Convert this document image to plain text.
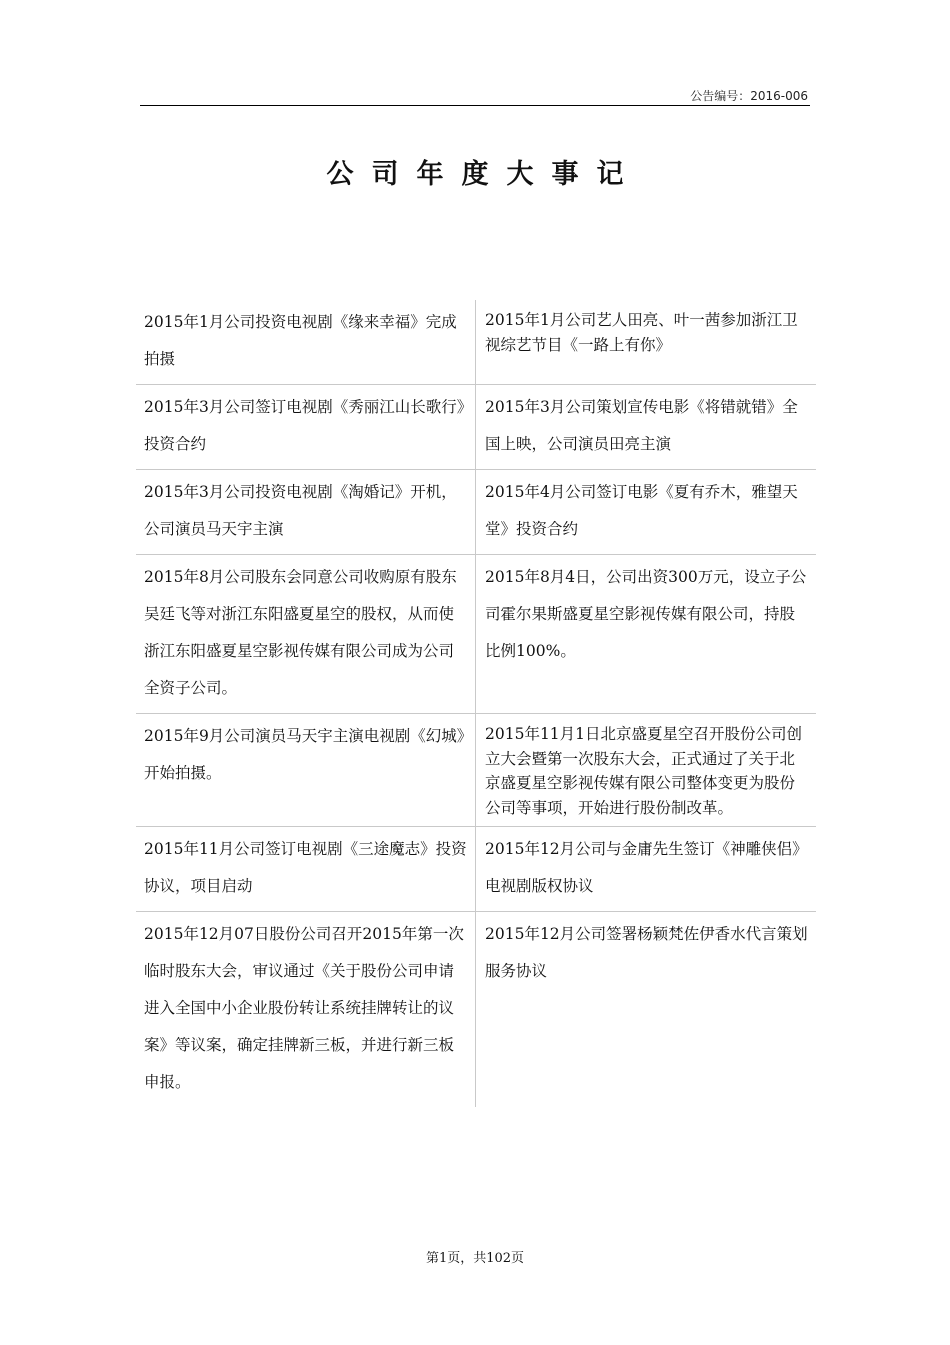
公告编号：2016-006
公司年度大事记
2015年1月公司投资电视剧《缘来幸福》完成拍摄
2015年1月公司艺人田亮、叶一茜参加浙江卫视综艺节目《一路上有你》
2015年3月公司签订电视剧《秀丽江山长歌行》投资合约
2015年3月公司策划宣传电影《将错就错》全国上映，公司演员田亮主演
2015年3月公司投资电视剧《淘婚记》开机，公司演员马天宇主演
2015年4月公司签订电影《夏有乔木，雅望天堂》投资合约
2015年8月公司股东会同意公司收购原有股东吴廷飞等对浙江东阳盛夏星空的股权，从而使浙江东阳盛夏星空影视传媒有限公司成为公司全资子公司。
2015年8月4日，公司出资300万元，设立子公司霍尔果斯盛夏星空影视传媒有限公司，持股比例100%。
2015年9月公司演员马天宇主演电视剧《幻城》开始拍摄。
2015年11月1日北京盛夏星空召开股份公司创立大会暨第一次股东大会，正式通过了关于北京盛夏星空影视传媒有限公司整体变更为股份公司等事项，开始进行股份制改革。
2015年11月公司签订电视剧《三途魔志》投资协议，项目启动
2015年12月公司与金庸先生签订《神雕侠侣》电视剧版权协议
2015年12月07日股份公司召开2015年第一次临时股东大会，审议通过《关于股份公司申请进入全国中小企业股份转让系统挂牌转让的议案》等议案，确定挂牌新三板，并进行新三板申报。
2015年12月公司签署杨颖梵佐伊香水代言策划服务协议
第1页，共102页
